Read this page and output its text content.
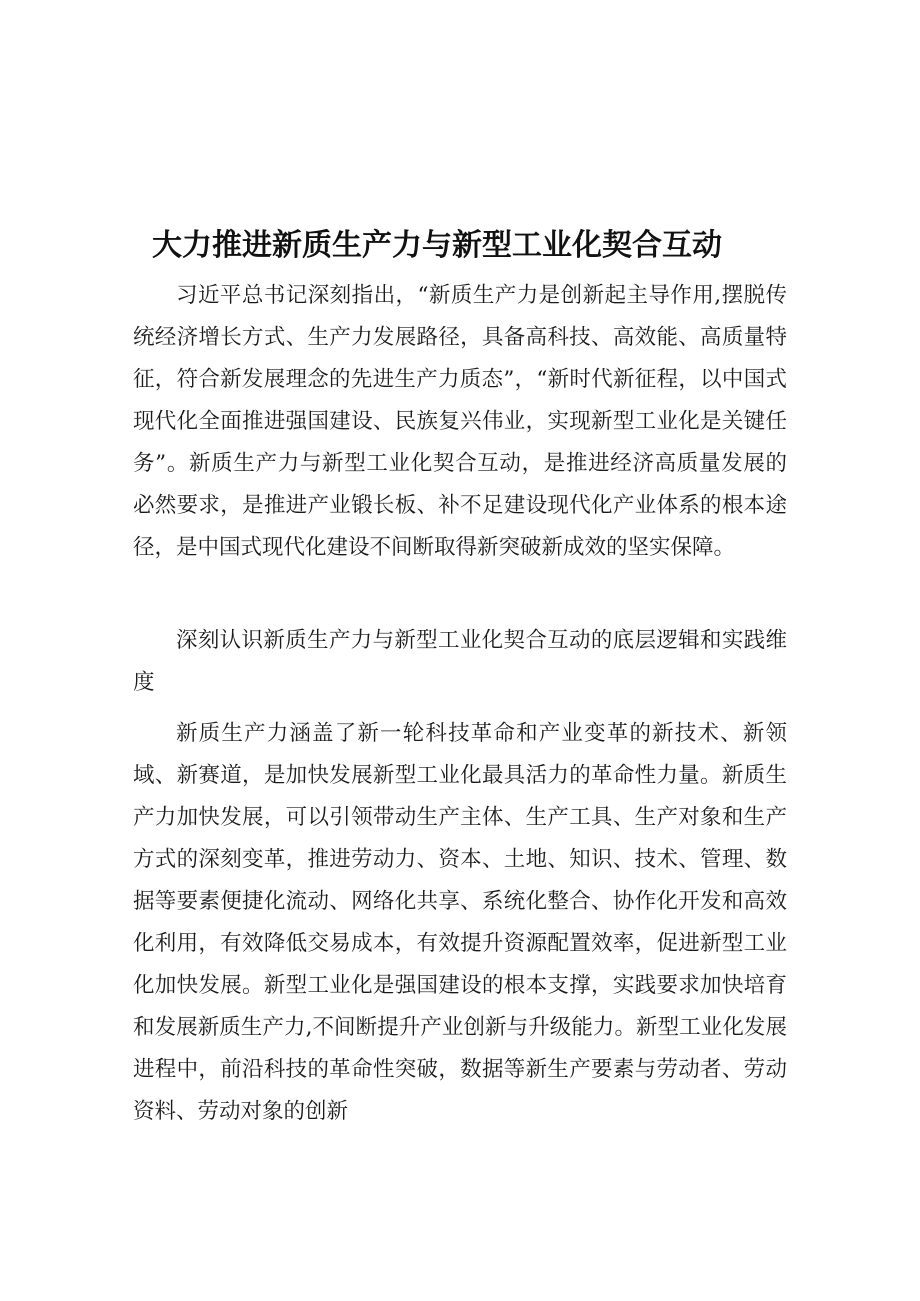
大力推进新质生产力与新型工业化契合互动

习近平总书记深刻指出，“新质生产力是创新起主导作用,摆脱传统经济增长方式、生产力发展路径，具备高科技、高效能、高质量特征，符合新发展理念的先进生产力质态”，“新时代新征程，以中国式现代化全面推进强国建设、民族复兴伟业，实现新型工业化是关键任务”。新质生产力与新型工业化契合互动，是推进经济高质量发展的必然要求，是推进产业锻长板、补不足建设现代化产业体系的根本途径，是中国式现代化建设不间断取得新突破新成效的坚实保障。

深刻认识新质生产力与新型工业化契合互动的底层逻辑和实践维度

新质生产力涵盖了新一轮科技革命和产业变革的新技术、新领域、新赛道，是加快发展新型工业化最具活力的革命性力量。新质生产力加快发展，可以引领带动生产主体、生产工具、生产对象和生产方式的深刻变革，推进劳动力、资本、土地、知识、技术、管理、数据等要素便捷化流动、网络化共享、系统化整合、协作化开发和高效化利用，有效降低交易成本，有效提升资源配置效率，促进新型工业化加快发展。新型工业化是强国建设的根本支撑，实践要求加快培育和发展新质生产力,不间断提升产业创新与升级能力。新型工业化发展进程中，前沿科技的革命性突破，数据等新生产要素与劳动者、劳动资料、劳动对象的创新
